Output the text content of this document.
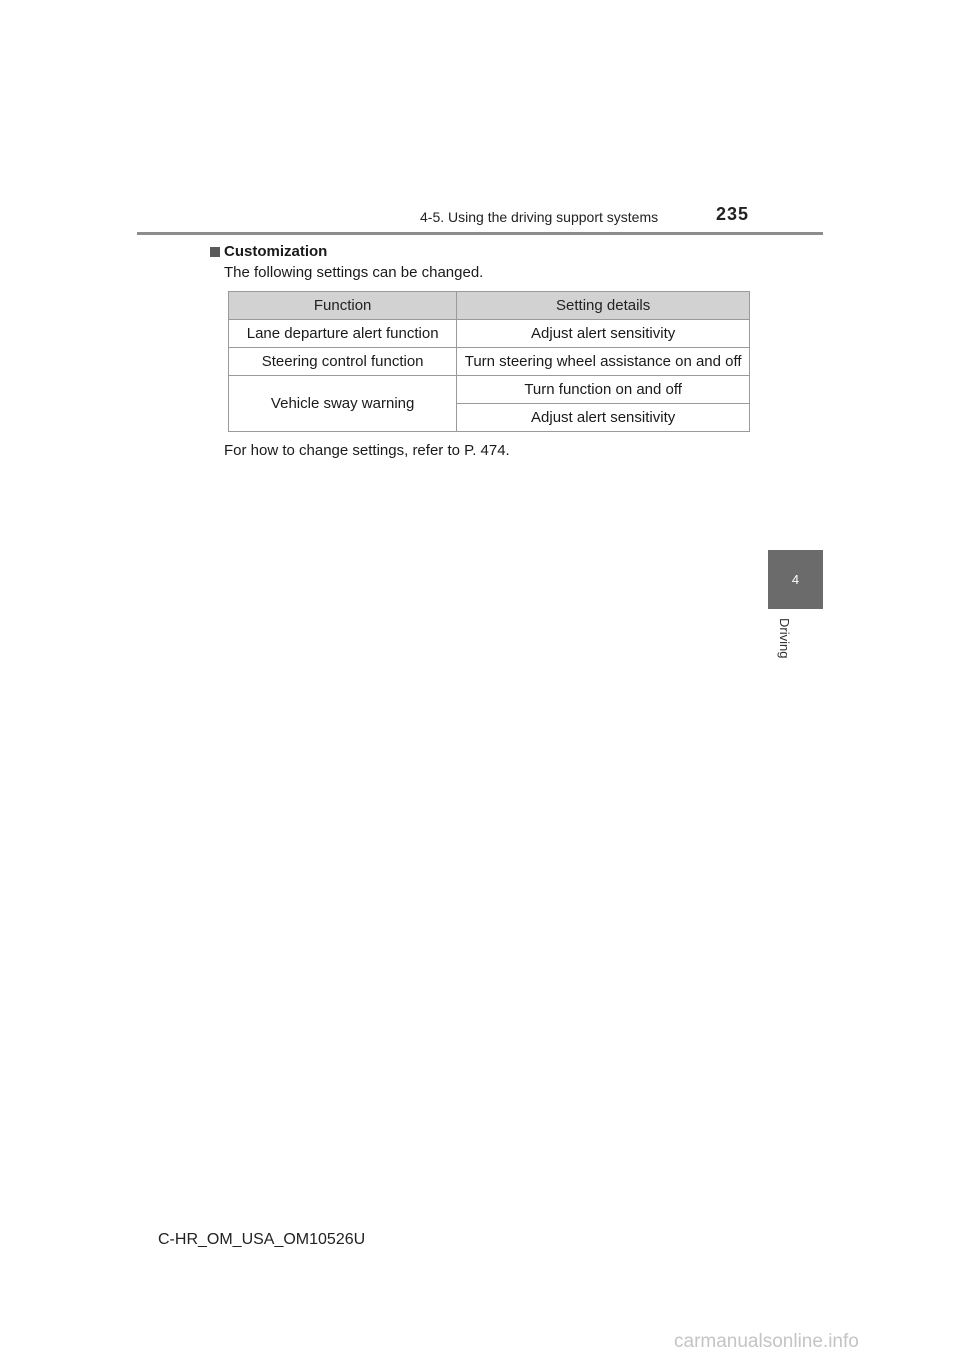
4-5. Using the driving support systems	235
Customization
The following settings can be changed.
Function	Setting details
Lane departure alert function	Adjust alert sensitivity
Steering control function	Turn steering wheel assistance on and off
Vehicle sway warning	Turn function on and off
	Adjust alert sensitivity
For how to change settings, refer to P. 474.
4
Driving
C-HR_OM_USA_OM10526U
carmanualsonline.info
